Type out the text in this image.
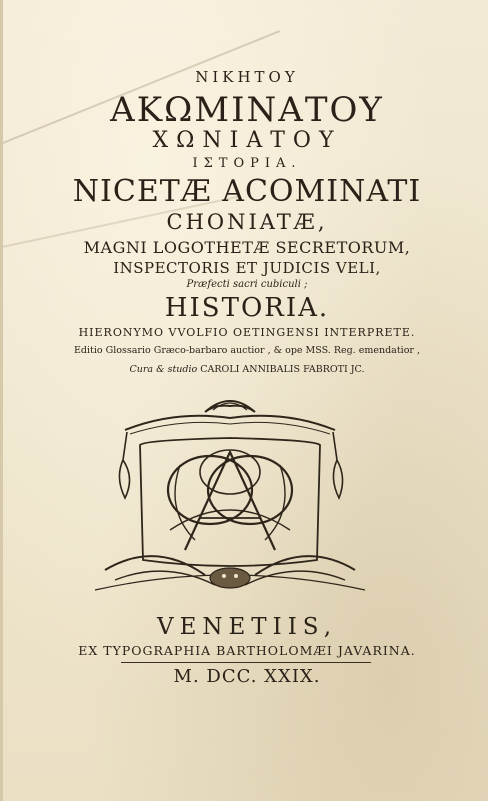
ΝΙΚΗΤΟΥ
ΑΚΩΜΙΝΑΤΟΥ
ΧΩΝΙΑΤΟΥ
ΙΣΤΟΡΙΑ.
NICETÆ ACOMINATI
CHONIATÆ,
MAGNI LOGOTHETÆ SECRETORUM,
INSPECTORIS ET JUDICIS VELI,
Præfecti sacri cubiculi ;
HISTORIA.
HIERONYMO VVOLFIO OETINGENSI INTERPRETE.
Editio Glossario Græco-barbaro auctior , & ope MSS. Reg. emendatior ,
Cura & studio CAROLI ANNIBALIS FABROTI JC.
VENETIIS,
EX TYPOGRAPHIA BARTHOLOMÆI JAVARINA.
M. DCC. XXIX.
